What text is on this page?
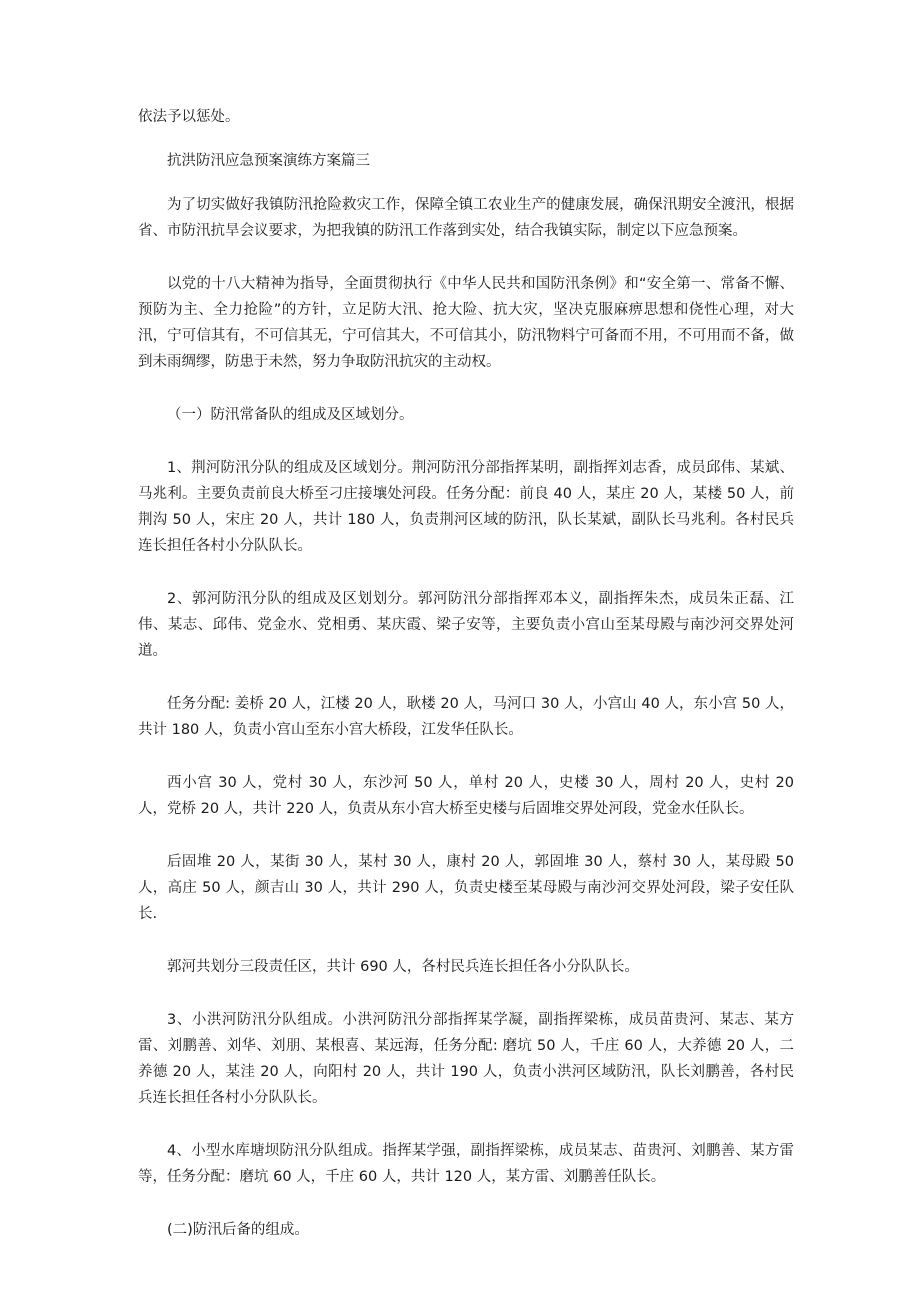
依法予以惩处。

抗洪防汛应急预案演练方案篇三

为了切实做好我镇防汛抢险救灾工作，保障全镇工农业生产的健康发展，确保汛期安全渡汛，根据省、市防汛抗旱会议要求，为把我镇的防汛工作落到实处，结合我镇实际，制定以下应急预案。

以党的十八大精神为指导，全面贯彻执行《中华人民共和国防汛条例》和“安全第一、常备不懈、预防为主、全力抢险”的方针，立足防大汛、抢大险、抗大灾，坚决克服麻痹思想和侥性心理，对大汛，宁可信其有，不可信其无，宁可信其大，不可信其小，防汛物料宁可备而不用，不可用而不备，做到未雨绸缪，防患于未然，努力争取防汛抗灾的主动权。

（一）防汛常备队的组成及区域划分。

1、荆河防汛分队的组成及区域划分。荆河防汛分部指挥某明，副指挥刘志香，成员邱伟、某斌、马兆利。主要负责前良大桥至刁庄接壤处河段。任务分配：前良 40 人，某庄 20 人，某楼 50 人，前荆沟 50 人，宋庄 20 人，共计 180 人，负责荆河区域的防汛，队长某斌，副队长马兆利。各村民兵连长担任各村小分队队长。

2、郭河防汛分队的组成及区划划分。郭河防汛分部指挥邓本义，副指挥朱杰，成员朱正磊、江伟、某志、邱伟、党金水、党相勇、某庆霞、梁子安等，主要负责小宫山至某母殿与南沙河交界处河道。

任务分配: 姜桥 20 人，江楼 20 人，耿楼 20 人，马河口 30 人，小宫山 40 人，东小宫 50 人，共计 180 人，负责小宫山至东小宫大桥段，江发华任队长。

西小宫 30 人，党村 30 人，东沙河 50 人，单村 20 人，史楼 30 人，周村 20 人，史村 20 人，党桥 20 人，共计 220 人，负责从东小宫大桥至史楼与后固堆交界处河段，党金水任队长。

后固堆 20 人，某街 30 人，某村 30 人，康村 20 人，郭固堆 30 人，蔡村 30 人，某母殿 50 人，高庄 50 人，颜吉山 30 人，共计 290 人，负责史楼至某母殿与南沙河交界处河段，梁子安任队长.

郭河共划分三段责任区，共计 690 人，各村民兵连长担任各小分队队长。

3、小洪河防汛分队组成。小洪河防汛分部指挥某学凝，副指挥梁栋，成员苗贵河、某志、某方雷、刘鹏善、刘华、刘朋、某根喜、某远海，任务分配: 磨坑 50 人，千庄 60 人，大养德 20 人，二养德 20 人，某洼 20 人，向阳村 20 人，共计 190 人，负责小洪河区域防汛，队长刘鹏善，各村民兵连长担任各村小分队队长。

4、小型水库塘坝防汛分队组成。指挥某学强，副指挥梁栋，成员某志、苗贵河、刘鹏善、某方雷等，任务分配：磨坑 60 人，千庄 60 人，共计 120 人，某方雷、刘鹏善任队长。

(二)防汛后备的组成。
